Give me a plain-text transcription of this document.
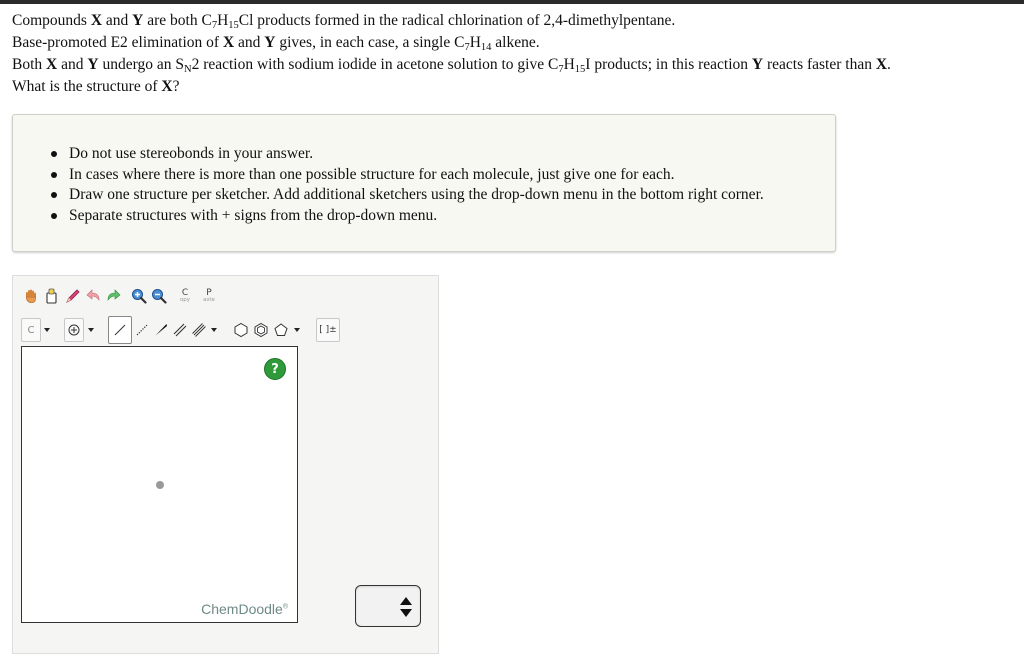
Compounds X and Y are both $C_7H_{15}Cl$ products formed in the radical chlorination of 2,4-dimethylpentane.

Base-promoted E2 elimination of X and Y gives, in each case, a single $C_7H_{14}$ alkene.

Both X and Y undergo an $S_N2$ reaction with sodium iodide in acetone solution to give $C_7H_{15}I$ products; in this reaction Y reacts faster than X.

What is the structure of X?

Do not use stereobonds in your answer.
In cases where there is more than one possible structure for each molecule, just give one for each.
Draw one structure per sketcher. Add additional sketchers using the drop-down menu in the bottom right corner.
Separate structures with + signs from the drop-down menu.
C
opy
P
aste
C	[ ]±
?
ChemDoodle®
